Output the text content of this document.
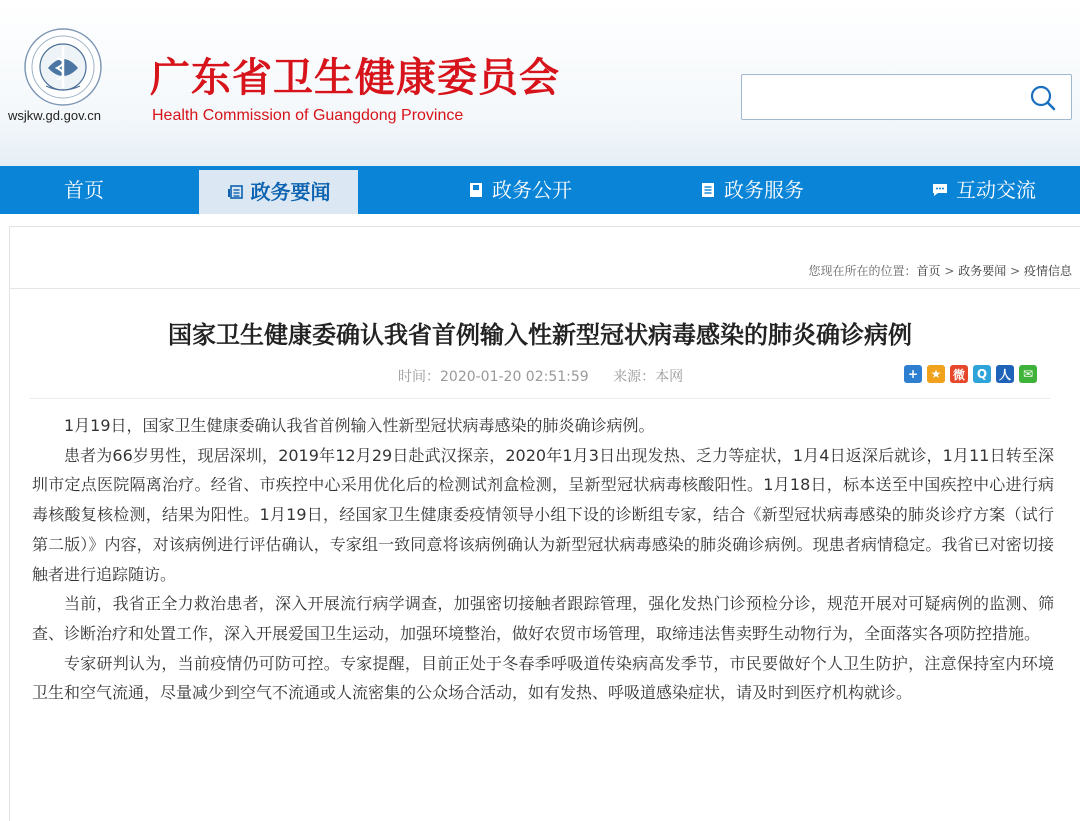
wsjkw.gd.gov.cn
广东省卫生健康委员会
Health Commission of Guangdong Province
首页	政务要闻	政务公开	政务服务	互动交流
您现在所在的位置：首页 > 政务要闻 > 疫情信息
国家卫生健康委确认我省首例输入性新型冠状病毒感染的肺炎确诊病例
时间：2020-01-20 02:51:59 来源：本网	+	★ 微 Q 人 ✉

1月19日，国家卫生健康委确认我省首例输入性新型冠状病毒感染的肺炎确诊病例。

患者为66岁男性，现居深圳，2019年12月29日赴武汉探亲，2020年1月3日出现发热、乏力等症状，1月4日返深后就诊，1月11日转至深圳市定点医院隔离治疗。经省、市疾控中心采用优化后的检测试剂盒检测，呈新型冠状病毒核酸阳性。1月18日，标本送至中国疾控中心进行病毒核酸复核检测，结果为阳性。1月19日，经国家卫生健康委疫情领导小组下设的诊断组专家，结合《新型冠状病毒感染的肺炎诊疗方案（试行第二版）》内容，对该病例进行评估确认，专家组一致同意将该病例确认为新型冠状病毒感染的肺炎确诊病例。现患者病情稳定。我省已对密切接触者进行追踪随访。

当前，我省正全力救治患者，深入开展流行病学调查，加强密切接触者跟踪管理，强化发热门诊预检分诊，规范开展对可疑病例的监测、筛查、诊断治疗和处置工作，深入开展爱国卫生运动，加强环境整治，做好农贸市场管理，取缔违法售卖野生动物行为，全面落实各项防控措施。

专家研判认为，当前疫情仍可防可控。专家提醒，目前正处于冬春季呼吸道传染病高发季节，市民要做好个人卫生防护，注意保持室内环境卫生和空气流通，尽量减少到空气不流通或人流密集的公众场合活动，如有发热、呼吸道感染症状，请及时到医疗机构就诊。
